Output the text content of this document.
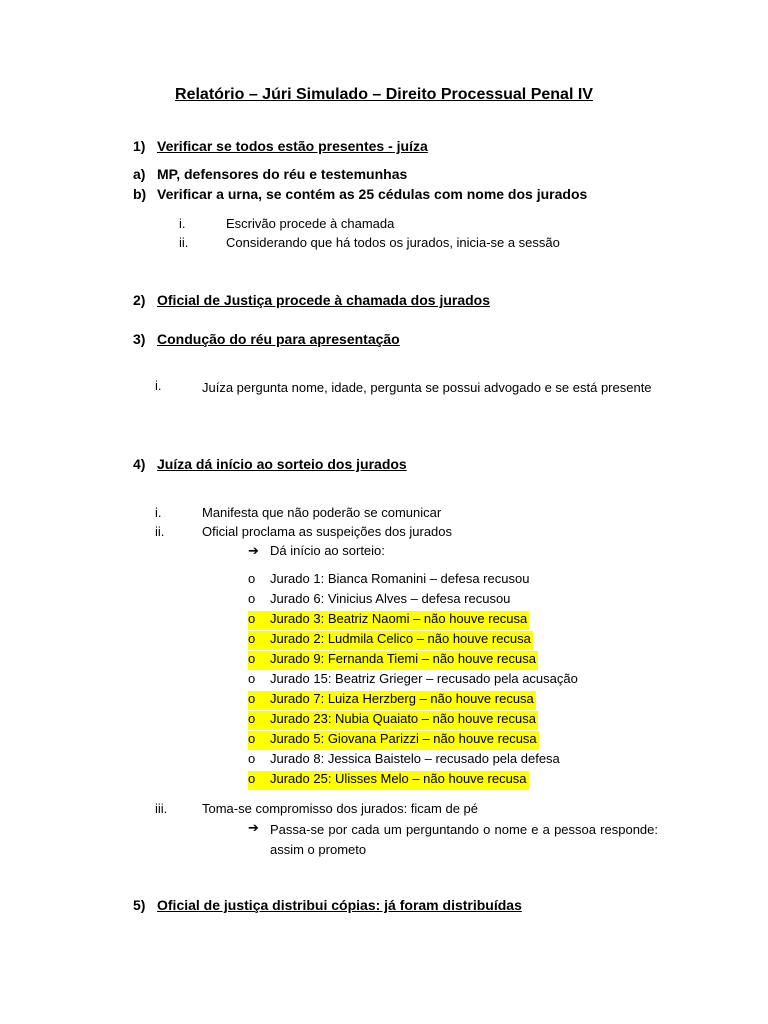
Relatório – Júri Simulado – Direito Processual Penal IV
1) Verificar se todos estão presentes - juíza
a) MP, defensores do réu e testemunhas
b) Verificar a urna, se contém as 25 cédulas com nome dos jurados
i.	Escrivão procede à chamada
ii.	Considerando que há todos os jurados, inicia-se a sessão
2) Oficial de Justiça procede à chamada dos jurados
3) Condução do réu para apresentação
i.	Juíza pergunta nome, idade, pergunta se possui advogado e se está presente
4) Juíza dá início ao sorteio dos jurados
i.	Manifesta que não poderão se comunicar
ii.	Oficial proclama as suspeições dos jurados
➔ Dá início ao sorteio:
o Jurado 1: Bianca Romanini – defesa recusou
o Jurado 6: Vinicius Alves – defesa recusou
o Jurado 3: Beatriz Naomi – não houve recusa
o Jurado 2: Ludmila Celico – não houve recusa
o Jurado 9: Fernanda Tiemi – não houve recusa
o Jurado 15: Beatriz Grieger – recusado pela acusação
o Jurado 7: Luiza Herzberg – não houve recusa
o Jurado 23: Nubia Quaiato – não houve recusa
o Jurado 5: Giovana Parizzi – não houve recusa
o Jurado 8: Jessica Baistelo – recusado pela defesa
o Jurado 25: Ulisses Melo – não houve recusa
iii.	Toma-se compromisso dos jurados: ficam de pé
➔ Passa-se por cada um perguntando o nome e a pessoa responde: assim o prometo
5) Oficial de justiça distribui cópias: já foram distribuídas
